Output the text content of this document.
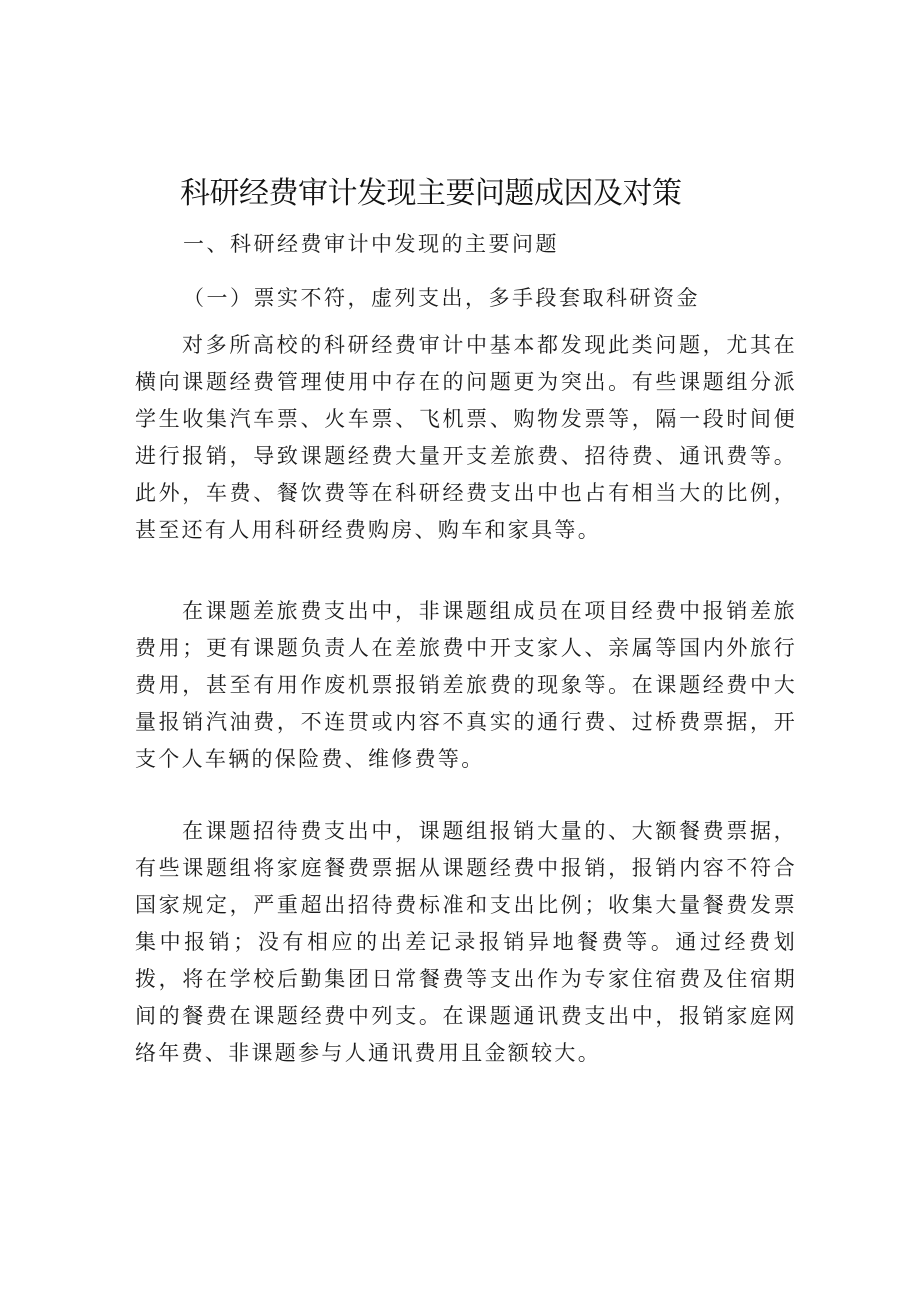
科研经费审计发现主要问题成因及对策

一、科研经费审计中发现的主要问题

（一）票实不符，虚列支出，多手段套取科研资金

对多所高校的科研经费审计中基本都发现此类问题，尤其在横向课题经费管理使用中存在的问题更为突出。有些课题组分派学生收集汽车票、火车票、飞机票、购物发票等，隔一段时间便进行报销，导致课题经费大量开支差旅费、招待费、通讯费等。此外，车费、餐饮费等在科研经费支出中也占有相当大的比例，甚至还有人用科研经费购房、购车和家具等。

在课题差旅费支出中，非课题组成员在项目经费中报销差旅费用；更有课题负责人在差旅费中开支家人、亲属等国内外旅行费用，甚至有用作废机票报销差旅费的现象等。在课题经费中大量报销汽油费，不连贯或内容不真实的通行费、过桥费票据，开支个人车辆的保险费、维修费等。

在课题招待费支出中，课题组报销大量的、大额餐费票据，有些课题组将家庭餐费票据从课题经费中报销，报销内容不符合国家规定，严重超出招待费标准和支出比例；收集大量餐费发票集中报销；没有相应的出差记录报销异地餐费等。通过经费划拨，将在学校后勤集团日常餐费等支出作为专家住宿费及住宿期间的餐费在课题经费中列支。在课题通讯费支出中，报销家庭网络年费、非课题参与人通讯费用且金额较大。
